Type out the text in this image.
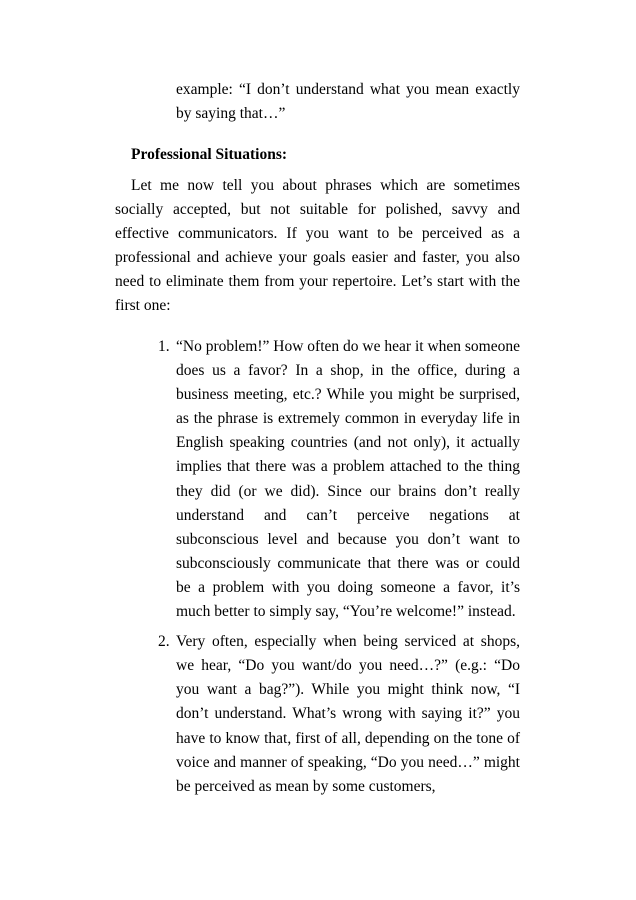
example: “I don’t understand what you mean exactly by saying that…”

Professional Situations:

Let me now tell you about phrases which are sometimes socially accepted, but not suitable for polished, savvy and effective communicators. If you want to be perceived as a professional and achieve your goals easier and faster, you also need to eliminate them from your repertoire. Let’s start with the first one:

1. “No problem!” How often do we hear it when someone does us a favor? In a shop, in the office, during a business meeting, etc.? While you might be surprised, as the phrase is extremely common in everyday life in English speaking countries (and not only), it actually implies that there was a problem attached to the thing they did (or we did). Since our brains don’t really understand and can’t perceive negations at subconscious level and because you don’t want to subconsciously communicate that there was or could be a problem with you doing someone a favor, it’s much better to simply say, “You’re welcome!” instead.
2. Very often, especially when being serviced at shops, we hear, “Do you want/do you need…?” (e.g.: “Do you want a bag?”). While you might think now, “I don’t understand. What’s wrong with saying it?” you have to know that, first of all, depending on the tone of voice and manner of speaking, “Do you need…” might be perceived as mean by some customers,
